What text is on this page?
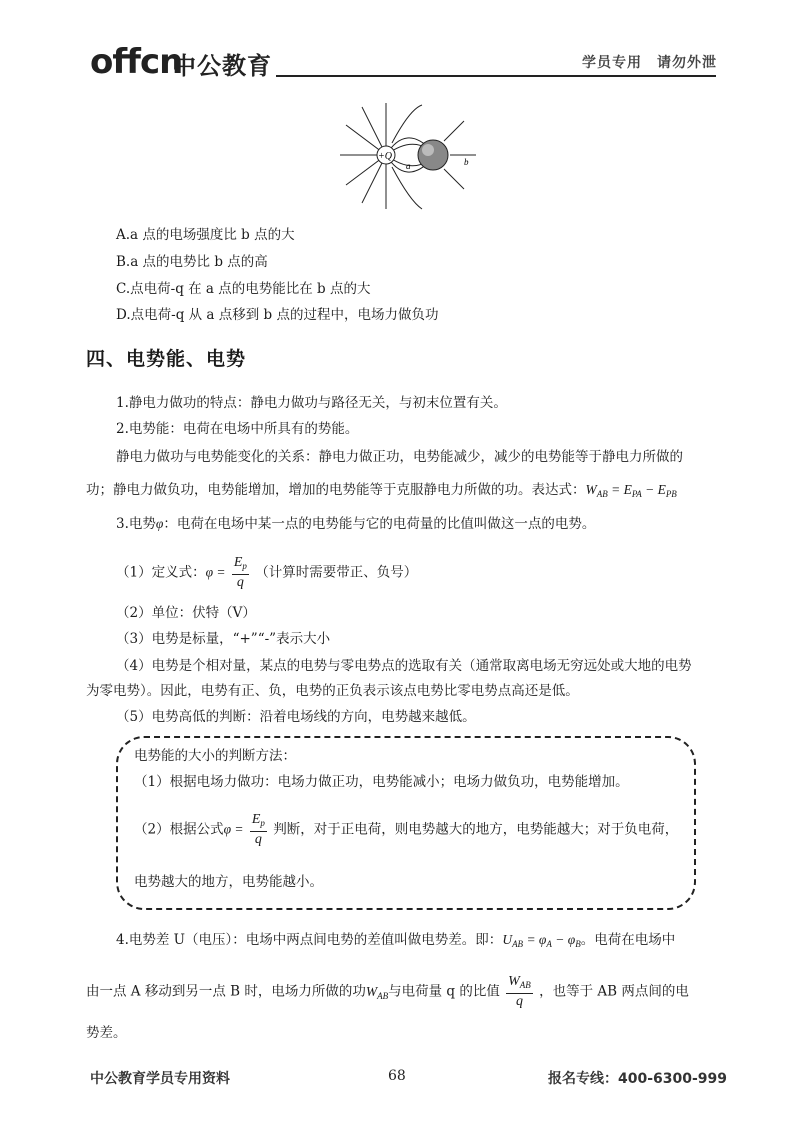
offcn
中公教育	学员专用　请勿外泄
+Q
a	b
A.a 点的电场强度比 b 点的大
B.a 点的电势比 b 点的高
C.点电荷-q 在 a 点的电势能比在 b 点的大
D.点电荷-q 从 a 点移到 b 点的过程中，电场力做负功
四、电势能、电势
1.静电力做功的特点：静电力做功与路径无关，与初末位置有关。
2.电势能：电荷在电场中所具有的势能。
静电力做功与电势能变化的关系：静电力做正功，电势能减少，减少的电势能等于静电力所做的
功；静电力做负功，电势能增加，增加的电势能等于克服静电力所做的功。表达式：$W_{AB} = E_{PA} - E_{PB}$
3.电势φ：电荷在电场中某一点的电势能与它的电荷量的比值叫做这一点的电势。
（1）定义式：$\varphi = \frac{E_p}{q}$ （计算时需要带正、负号）
（2）单位：伏特（V）
（3）电势是标量，“+”“-”表示大小
（4）电势是个相对量，某点的电势与零电势点的选取有关（通常取离电场无穷远处或大地的电势
为零电势）。因此，电势有正、负，电势的正负表示该点电势比零电势点高还是低。
（5）电势高低的判断：沿着电场线的方向，电势越来越低。
电势能的大小的判断方法：
（1）根据电场力做功：电场力做正功，电势能减小；电场力做负功，电势能增加。
（2）根据公式$\varphi = \frac{E_p}{q}$ 判断，对于正电荷，则电势越大的地方，电势能越大；对于负电荷，
电势越大的地方，电势能越小。
4.电势差 U（电压）：电场中两点间电势的差值叫做电势差。即：$U_{AB} = \varphi_A - \varphi_B$。电荷在电场中
由一点 A 移动到另一点 B 时，电场力所做的功$W_{AB}$与电荷量 q 的比值 $\frac{W_{AB}}{q}$ ，也等于 AB 两点间的电
势差。
中公教育学员专用资料	68	报名专线：400-6300-999
